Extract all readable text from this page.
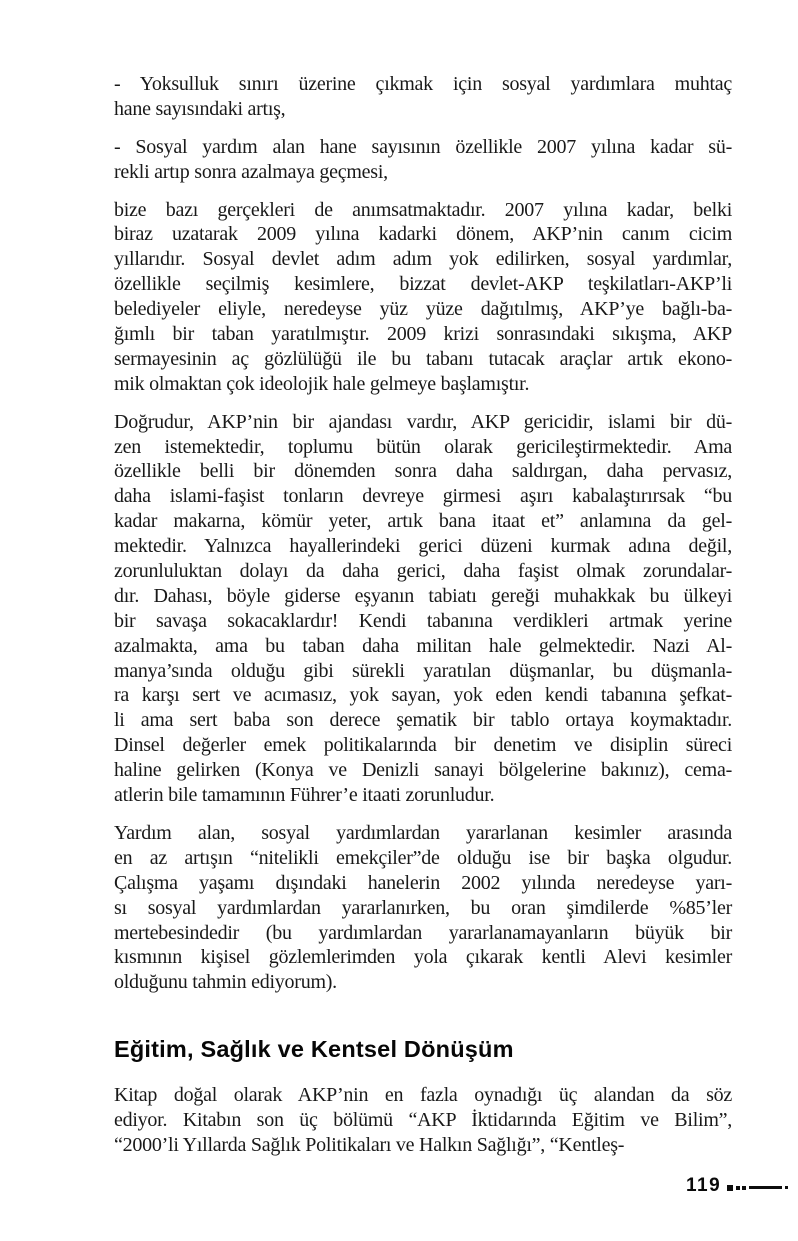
- Yoksulluk sınırı üzerine çıkmak için sosyal yardımlara muhtaç
hane sayısındaki artış,

- Sosyal yardım alan hane sayısının özellikle 2007 yılına kadar sü-
rekli artıp sonra azalmaya geçmesi,

bize bazı gerçekleri de anımsatmaktadır. 2007 yılına kadar, belki
biraz uzatarak 2009 yılına kadarki dönem, AKP’nin canım cicim
yıllarıdır. Sosyal devlet adım adım yok edilirken, sosyal yardımlar,
özellikle seçilmiş kesimlere, bizzat devlet-AKP teşkilatları-AKP’li
belediyeler eliyle, neredeyse yüz yüze dağıtılmış, AKP’ye bağlı-ba-
ğımlı bir taban yaratılmıştır. 2009 krizi sonrasındaki sıkışma, AKP
sermayesinin aç gözlülüğü ile bu tabanı tutacak araçlar artık ekono-
mik olmaktan çok ideolojik hale gelmeye başlamıştır.

Doğrudur, AKP’nin bir ajandası vardır, AKP gericidir, islami bir dü-
zen istemektedir, toplumu bütün olarak gericileştirmektedir. Ama
özellikle belli bir dönemden sonra daha saldırgan, daha pervasız,
daha islami-faşist tonların devreye girmesi aşırı kabalaştırırsak “bu
kadar makarna, kömür yeter, artık bana itaat et” anlamına da gel-
mektedir. Yalnızca hayallerindeki gerici düzeni kurmak adına değil,
zorunluluktan dolayı da daha gerici, daha faşist olmak zorundalar-
dır. Dahası, böyle giderse eşyanın tabiatı gereği muhakkak bu ülkeyi
bir savaşa sokacaklardır! Kendi tabanına verdikleri artmak yerine
azalmakta, ama bu taban daha militan hale gelmektedir. Nazi Al-
manya’sında olduğu gibi sürekli yaratılan düşmanlar, bu düşmanla-
ra karşı sert ve acımasız, yok sayan, yok eden kendi tabanına şefkat-
li ama sert baba son derece şematik bir tablo ortaya koymaktadır.
Dinsel değerler emek politikalarında bir denetim ve disiplin süreci
haline gelirken (Konya ve Denizli sanayi bölgelerine bakınız), cema-
atlerin bile tamamının Führer’e itaati zorunludur.

Yardım alan, sosyal yardımlardan yararlanan kesimler arasında
en az artışın “nitelikli emekçiler”de olduğu ise bir başka olgudur.
Çalışma yaşamı dışındaki hanelerin 2002 yılında neredeyse yarı-
sı sosyal yardımlardan yararlanırken, bu oran şimdilerde %85’ler
mertebesindedir (bu yardımlardan yararlanamayanların büyük bir
kısmının kişisel gözlemlerimden yola çıkarak kentli Alevi kesimler
olduğunu tahmin ediyorum).

Eğitim, Sağlık ve Kentsel Dönüşüm

Kitap doğal olarak AKP’nin en fazla oynadığı üç alandan da söz
ediyor. Kitabın son üç bölümü “AKP İktidarında Eğitim ve Bilim”,
“2000’li Yıllarda Sağlık Politikaları ve Halkın Sağlığı”, “Kentleş-

119
